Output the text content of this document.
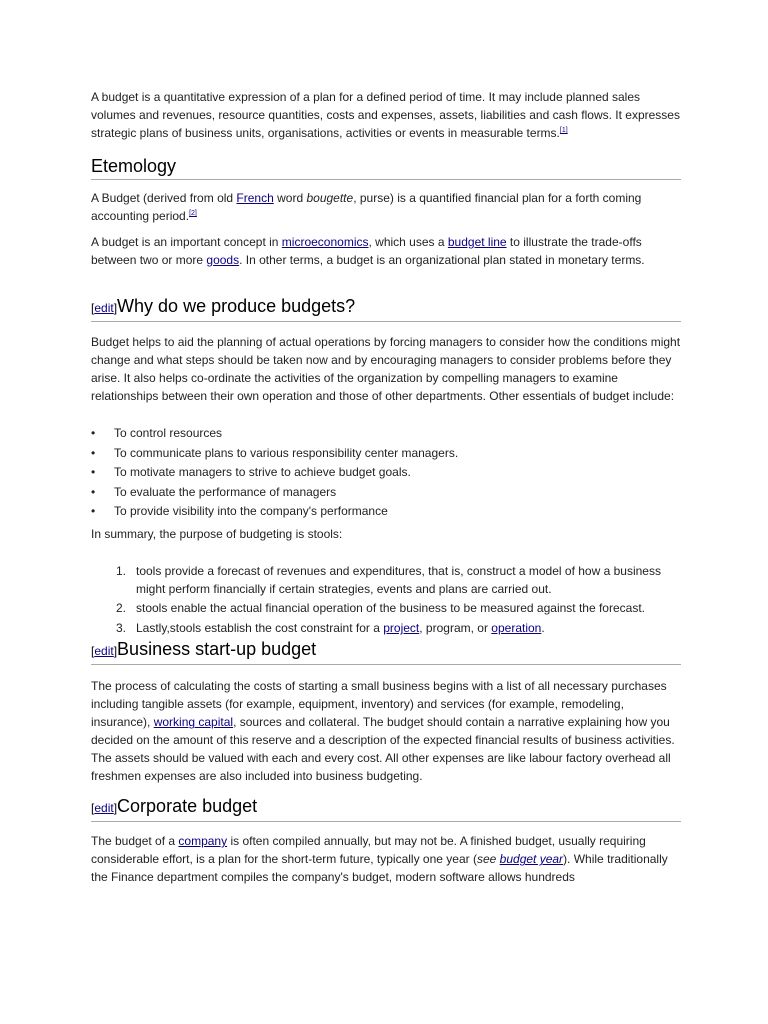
A budget is a quantitative expression of a plan for a defined period of time. It may include planned sales volumes and revenues, resource quantities, costs and expenses, assets, liabilities and cash flows. It expresses strategic plans of business units, organisations, activities or events in measurable terms.[1]

Etemology

A Budget (derived from old French word bougette, purse) is a quantified financial plan for a forth coming accounting period.[2]

A budget is an important concept in microeconomics, which uses a budget line to illustrate the trade-offs between two or more goods. In other terms, a budget is an organizational plan stated in monetary terms.

[edit]Why do we produce budgets?

Budget helps to aid the planning of actual operations by forcing managers to consider how the conditions might change and what steps should be taken now and by encouraging managers to consider problems before they arise. It also helps co-ordinate the activities of the organization by compelling managers to examine relationships between their own operation and those of other departments. Other essentials of budget include:

• To control resources
• To communicate plans to various responsibility center managers.
• To motivate managers to strive to achieve budget goals.
• To evaluate the performance of managers
• To provide visibility into the company's performance

In summary, the purpose of budgeting is stools:

1. tools provide a forecast of revenues and expenditures, that is, construct a model of how a business might perform financially if certain strategies, events and plans are carried out.
2. stools enable the actual financial operation of the business to be measured against the forecast.
3. Lastly,stools establish the cost constraint for a project, program, or operation.
[edit]Business start-up budget

The process of calculating the costs of starting a small business begins with a list of all necessary purchases including tangible assets (for example, equipment, inventory) and services (for example, remodeling, insurance), working capital, sources and collateral. The budget should contain a narrative explaining how you decided on the amount of this reserve and a description of the expected financial results of business activities. The assets should be valued with each and every cost. All other expenses are like labour factory overhead all freshmen expenses are also included into business budgeting.

[edit]Corporate budget

The budget of a company is often compiled annually, but may not be. A finished budget, usually requiring considerable effort, is a plan for the short-term future, typically one year (see budget year). While traditionally the Finance department compiles the company's budget, modern software allows hundreds
